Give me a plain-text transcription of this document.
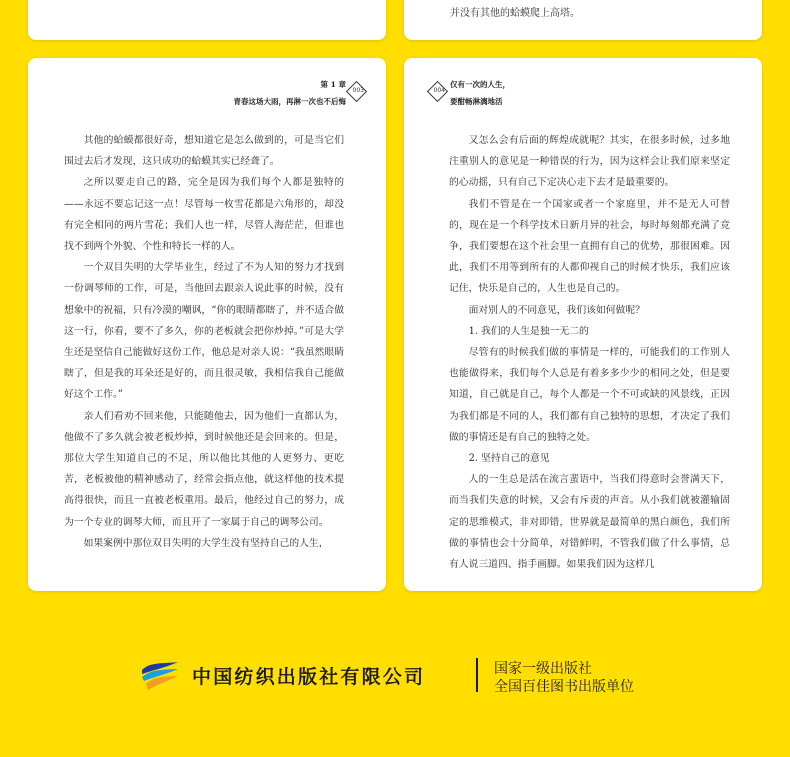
并没有其他的蛤蟆爬上高塔。
第 1 章
青春这场大雨，再淋一次也不后悔
003

其他的蛤蟆都很好奇，想知道它是怎么做到的，可是当它们围过去后才发现，这只成功的蛤蟆其实已经聋了。

之所以要走自己的路，完全是因为我们每个人都是独特的——永远不要忘记这一点！尽管每一枚雪花都是六角形的，却没有完全相同的两片雪花；我们人也一样，尽管人海茫茫，但谁也找不到两个外貌、个性和特长一样的人。

一个双目失明的大学毕业生，经过了不为人知的努力才找到一份调琴师的工作，可是，当他回去跟亲人说此事的时候，没有想象中的祝福，只有冷漠的嘲讽，“你的眼睛都瞎了，并不适合做这一行，你看，要不了多久，你的老板就会把你炒掉。”可是大学生还是坚信自己能做好这份工作，他总是对亲人说：“我虽然眼睛瞎了，但是我的耳朵还是好的，而且很灵敏，我相信我自己能做好这个工作。”

亲人们看劝不回来他，只能随他去，因为他们一直都认为，他做不了多久就会被老板炒掉，到时候他还是会回来的。但是，那位大学生知道自己的不足，所以他比其他的人更努力、更吃苦，老板被他的精神感动了，经常会指点他，就这样他的技术提高得很快，而且一直被老板重用。最后，他经过自己的努力，成为一个专业的调琴大师，而且开了一家属于自己的调琴公司。

如果案例中那位双目失明的大学生没有坚持自己的人生，

004
仅有一次的人生，
要酣畅淋漓地活

又怎么会有后面的辉煌成就呢？其实，在很多时候，过多地注重别人的意见是一种错误的行为，因为这样会让我们原来坚定的心动摇，只有自己下定决心走下去才是最重要的。

我们不管是在一个国家或者一个家庭里，并不是无人可替的，现在是一个科学技术日新月异的社会，每时每刻都充满了竞争，我们要想在这个社会里一直拥有自己的优势，那很困难。因此，我们不用等到所有的人都仰视自己的时候才快乐，我们应该记住，快乐是自己的，人生也是自己的。

面对别人的不同意见，我们该如何做呢？

1. 我们的人生是独一无二的

尽管有的时候我们做的事情是一样的，可能我们的工作别人也能做得来，我们每个人总是有着多多少少的相同之处，但是要知道，自己就是自己，每个人都是一个不可或缺的风景线，正因为我们都是不同的人，我们都有自己独特的思想，才决定了我们做的事情还是有自己的独特之处。

2. 坚持自己的意见

人的一生总是活在流言蜚语中，当我们得意时会誉满天下，而当我们失意的时候，又会有斥责的声音。从小我们就被灌输固定的思维模式，非对即错，世界就是最简单的黑白颜色，我们所做的事情也会十分简单，对错鲜明，不管我们做了什么事情，总有人说三道四、指手画脚。如果我们因为这样几

中国纺织出版社有限公司	国家一级出版社
全国百佳图书出版单位
